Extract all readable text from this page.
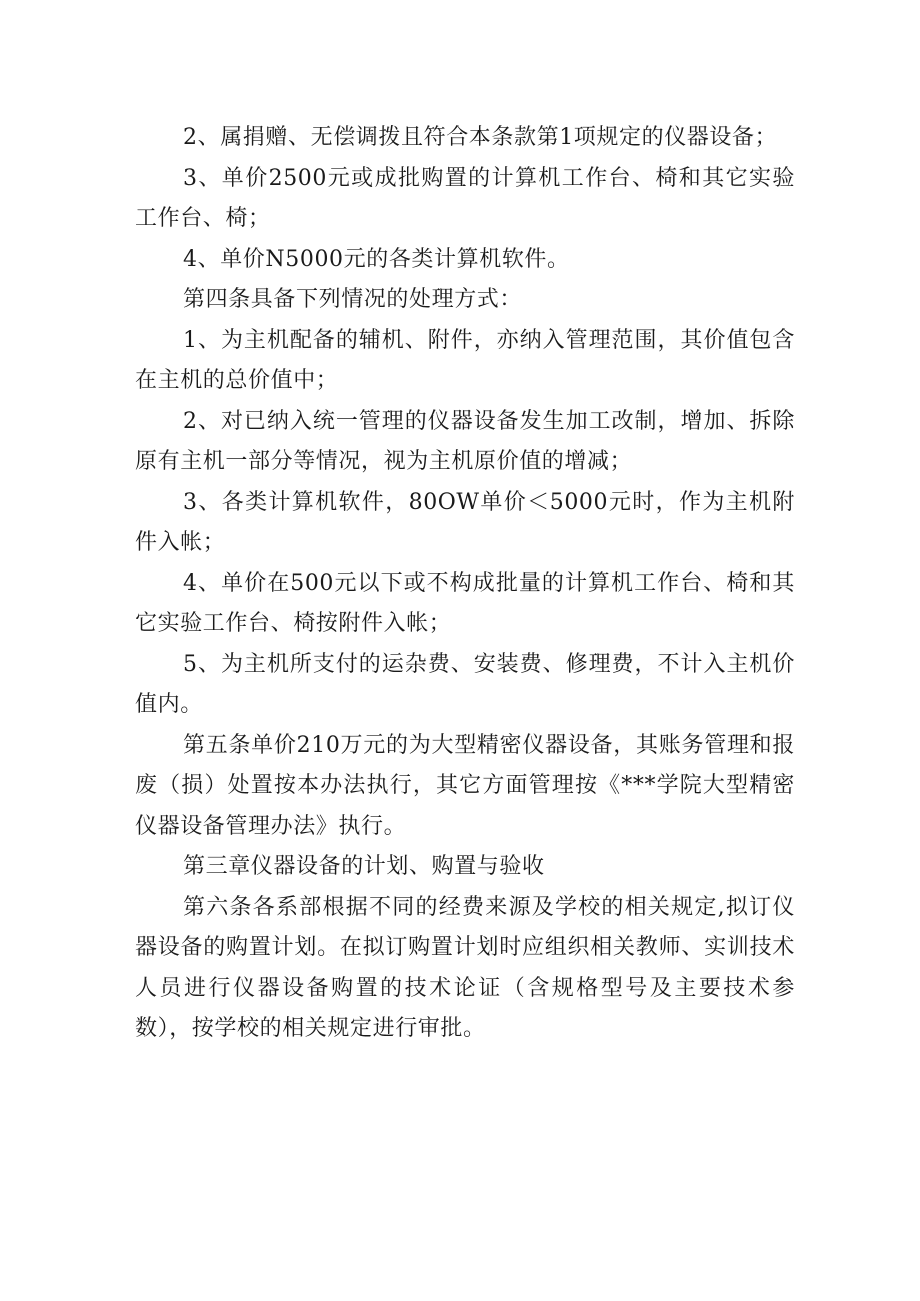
2、属捐赠、无偿调拨且符合本条款第1项规定的仪器设备；

3、单价2500元或成批购置的计算机工作台、椅和其它实验工作台、椅；

4、单价N5000元的各类计算机软件。

第四条具备下列情况的处理方式：

1、为主机配备的辅机、附件，亦纳入管理范围，其价值包含在主机的总价值中；

2、对已纳入统一管理的仪器设备发生加工改制，增加、拆除原有主机一部分等情况，视为主机原价值的增减；

3、各类计算机软件，80OW单价＜5000元时，作为主机附件入帐；

4、单价在500元以下或不构成批量的计算机工作台、椅和其它实验工作台、椅按附件入帐；

5、为主机所支付的运杂费、安装费、修理费，不计入主机价值内。

第五条单价210万元的为大型精密仪器设备，其账务管理和报废（损）处置按本办法执行，其它方面管理按《***学院大型精密仪器设备管理办法》执行。

第三章仪器设备的计划、购置与验收

第六条各系部根据不同的经费来源及学校的相关规定,拟订仪器设备的购置计划。在拟订购置计划时应组织相关教师、实训技术人员进行仪器设备购置的技术论证（含规格型号及主要技术参数），按学校的相关规定进行审批。
